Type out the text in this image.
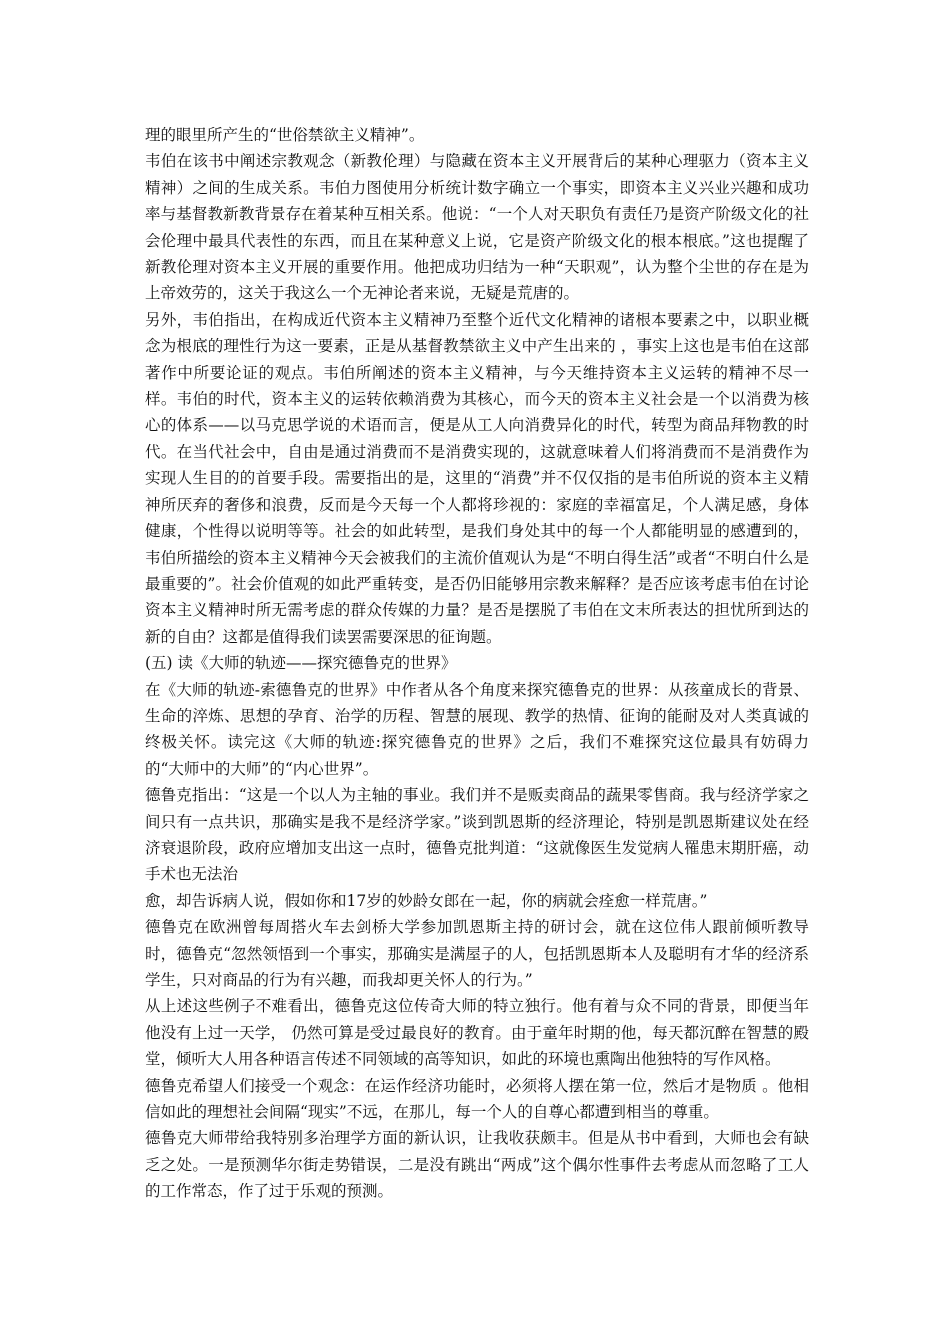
理的眼里所产生的“世俗禁欲主义精神”。

韦伯在该书中阐述宗教观念（新教伦理）与隐藏在资本主义开展背后的某种心理驱力（资本主义精神）之间的生成关系。韦伯力图使用分析统计数字确立一个事实，即资本主义兴业兴趣和成功率与基督教新教背景存在着某种互相关系。他说：“一个人对天职负有责任乃是资产阶级文化的社会伦理中最具代表性的东西，而且在某种意义上说，它是资产阶级文化的根本根底。”这也提醒了新教伦理对资本主义开展的重要作用。他把成功归结为一种“天职观”，认为整个尘世的存在是为上帝效劳的，这关于我这么一个无神论者来说，无疑是荒唐的。

另外，韦伯指出，在构成近代资本主义精神乃至整个近代文化精神的诸根本要素之中，以职业概念为根底的理性行为这一要素，正是从基督教禁欲主义中产生出来的 ，事实上这也是韦伯在这部著作中所要论证的观点。韦伯所阐述的资本主义精神，与今天维持资本主义运转的精神不尽一样。韦伯的时代，资本主义的运转依赖消费为其核心，而今天的资本主义社会是一个以消费为核心的体系——以马克思学说的术语而言，便是从工人向消费异化的时代，转型为商品拜物教的时代。在当代社会中，自由是通过消费而不是消费实现的，这就意味着人们将消费而不是消费作为实现人生目的的首要手段。需要指出的是，这里的“消费”并不仅仅指的是韦伯所说的资本主义精神所厌弃的奢侈和浪费，反而是今天每一个人都将珍视的：家庭的幸福富足，个人满足感，身体健康，个性得以说明等等。社会的如此转型，是我们身处其中的每一个人都能明显的感遭到的，韦伯所描绘的资本主义精神今天会被我们的主流价值观认为是“不明白得生活”或者“不明白什么是最重要的”。社会价值观的如此严重转变，是否仍旧能够用宗教来解释？是否应该考虑韦伯在讨论资本主义精神时所无需考虑的群众传媒的力量？是否是摆脱了韦伯在文末所表达的担忧所到达的新的自由？这都是值得我们读罢需要深思的征询题。

(五) 读《大师的轨迹——探究德鲁克的世界》

在《大师的轨迹-索德鲁克的世界》中作者从各个角度来探究德鲁克的世界：从孩童成长的背景、生命的淬炼、思想的孕育、治学的历程、智慧的展现、教学的热情、征询的能耐及对人类真诚的终极关怀。读完这《大师的轨迹:探究德鲁克的世界》之后，我们不难探究这位最具有妨碍力的“大师中的大师”的“内心世界”。

德鲁克指出：“这是一个以人为主轴的事业。我们并不是贩卖商品的蔬果零售商。我与经济学家之间只有一点共识，那确实是我不是经济学家。”谈到凯恩斯的经济理论，特别是凯恩斯建议处在经济衰退阶段，政府应增加支出这一点时，德鲁克批判道：“这就像医生发觉病人罹患末期肝癌，动手术也无法治

愈，却告诉病人说，假如你和17岁的妙龄女郎在一起，你的病就会痊愈一样荒唐。”

德鲁克在欧洲曾每周搭火车去剑桥大学参加凯恩斯主持的研讨会，就在这位伟人跟前倾听教导时，德鲁克“忽然领悟到一个事实，那确实是满屋子的人，包括凯恩斯本人及聪明有才华的经济系学生，只对商品的行为有兴趣，而我却更关怀人的行为。”

从上述这些例子不难看出，德鲁克这位传奇大师的特立独行。他有着与众不同的背景，即便当年他没有上过一天学， 仍然可算是受过最良好的教育。由于童年时期的他，每天都沉醉在智慧的殿堂，倾听大人用各种语言传述不同领域的高等知识，如此的环境也熏陶出他独特的写作风格。

德鲁克希望人们接受一个观念：在运作经济功能时，必须将人摆在第一位，然后才是物质 。他相信如此的理想社会间隔“现实”不远，在那儿，每一个人的自尊心都遭到相当的尊重。

德鲁克大师带给我特别多治理学方面的新认识，让我收获颇丰。但是从书中看到，大师也会有缺乏之处。一是预测华尔街走势错误，二是没有跳出“两成”这个偶尔性事件去考虑从而忽略了工人的工作常态，作了过于乐观的预测。
